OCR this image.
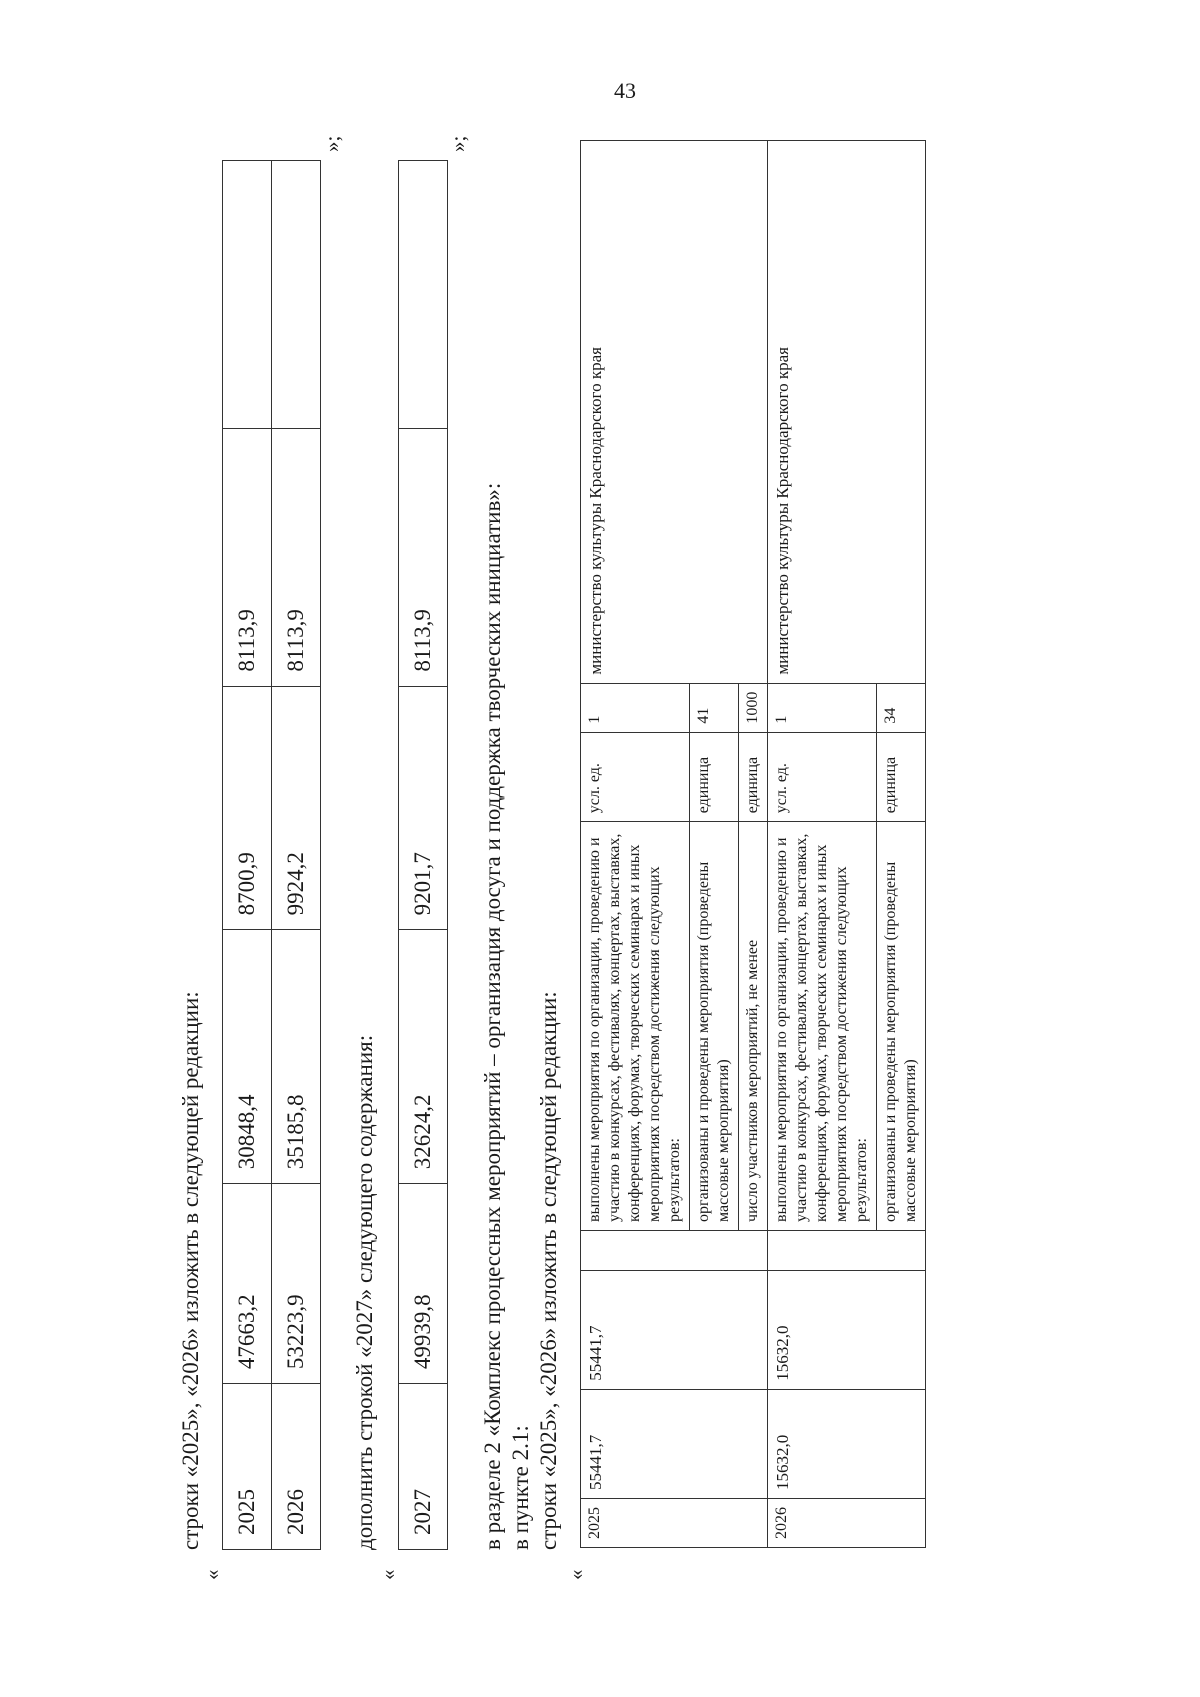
43
строки «2025», «2026» изложить в следующей редакции:
«
2025	47663,2	30848,4	8700,9	8113,9	
2026	53223,9	35185,8	9924,2	8113,9	
»;
дополнить строкой «2027» следующего содержания:
«
2027	49939,8	32624,2	9201,7	8113,9	
»;
в разделе 2 «Комплекс процессных мероприятий – организация досуга и поддержка творческих инициатив»: в пункте 2.1: строки «2025», «2026» изложить в следующей редакции:
«
2025	55441,7	55441,7		выполнены мероприятия по организации, проведению и участию в конкурсах, фестивалях, концертах, выставках, конференциях, форумах, творческих семинарах и иных мероприятиях посредством достижения следующих результатов:	усл. ед.	1	министерство культуры Краснодарского края
				организованы и проведены мероприятия (проведены массовые мероприятия)	единица	41	
				число участников мероприятий, не менее	единица	1000	
2026	15632,0	15632,0		выполнены мероприятия по организации, проведению и участию в конкурсах, фестивалях, концертах, выставках, конференциях, форумах, творческих семинарах и иных мероприятиях посредством достижения следующих результатов:	усл. ед.	1	министерство культуры Краснодарского края
				организованы и проведены мероприятия (проведены массовые мероприятия)	единица	34	
